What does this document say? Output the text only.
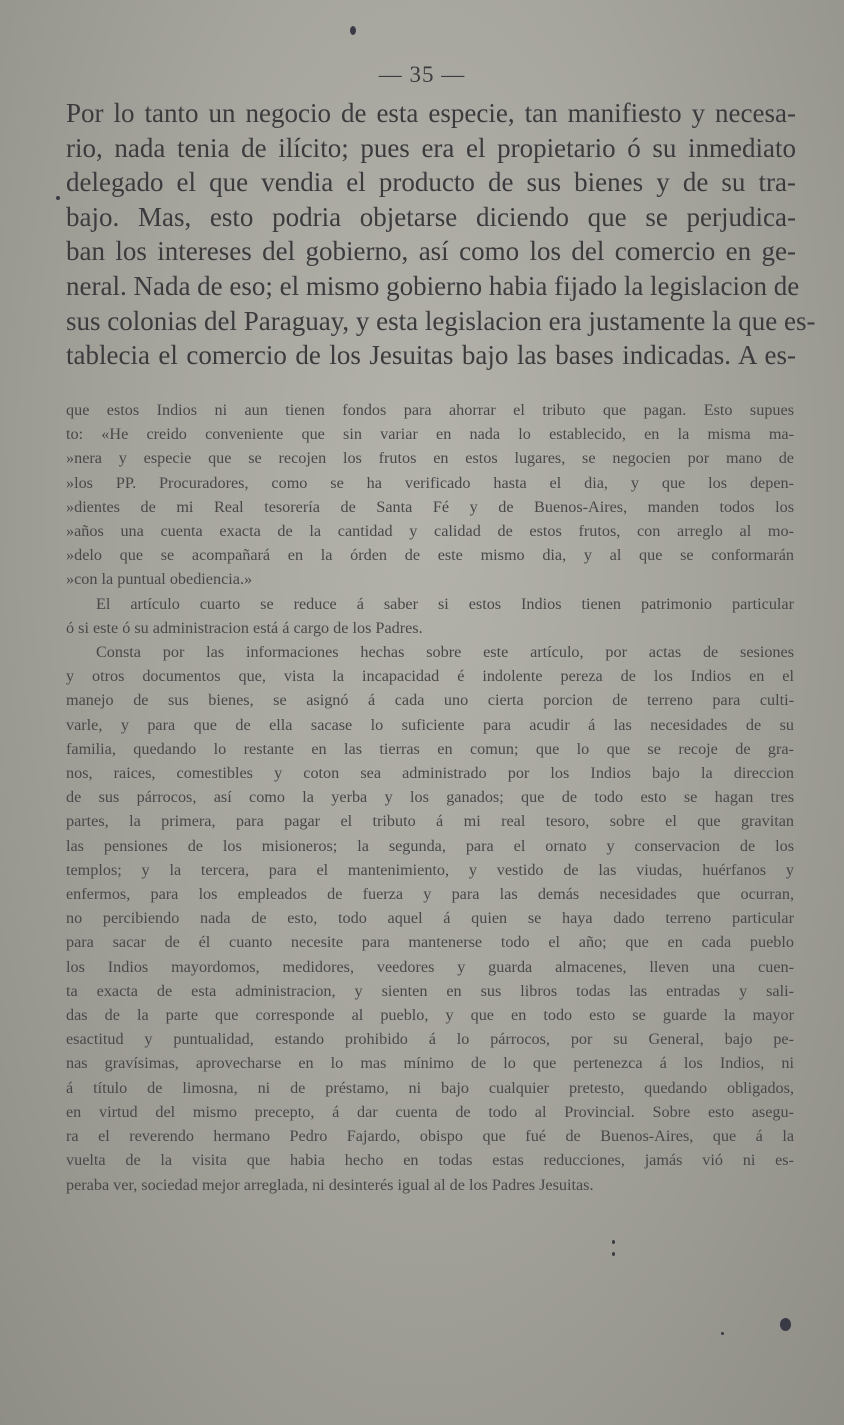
— 35 —
Por lo tanto un negocio de esta especie, tan manifiesto y necesa-
rio, nada tenia de ilícito; pues era el propietario ó su inmediato
delegado el que vendia el producto de sus bienes y de su tra-
bajo. Mas, esto podria objetarse diciendo que se perjudica-
ban los intereses del gobierno, así como los del comercio en ge-
neral. Nada de eso; el mismo gobierno habia fijado la legislacion de
sus colonias del Paraguay, y esta legislacion era justamente la que es-
tablecia el comercio de los Jesuitas bajo las bases indicadas. A es-
que estos Indios ni aun tienen fondos para ahorrar el tributo que pagan. Esto supues
to: «He creido conveniente que sin variar en nada lo establecido, en la misma ma-
»nera y especie que se recojen los frutos en estos lugares, se negocien por mano de
»los PP. Procuradores, como se ha verificado hasta el dia, y que los depen-
»dientes de mi Real tesorería de Santa Fé y de Buenos-Aires, manden todos los
»años una cuenta exacta de la cantidad y calidad de estos frutos, con arreglo al mo-
»delo que se acompañará en la órden de este mismo dia, y al que se conformarán
»con la puntual obediencia.»
El artículo cuarto se reduce á saber si estos Indios tienen patrimonio particular
ó si este ó su administracion está á cargo de los Padres.
Consta por las informaciones hechas sobre este artículo, por actas de sesiones
y otros documentos que, vista la incapacidad é indolente pereza de los Indios en el
manejo de sus bienes, se asignó á cada uno cierta porcion de terreno para culti-
varle, y para que de ella sacase lo suficiente para acudir á las necesidades de su
familia, quedando lo restante en las tierras en comun; que lo que se recoje de gra-
nos, raices, comestibles y coton sea administrado por los Indios bajo la direccion
de sus párrocos, así como la yerba y los ganados; que de todo esto se hagan tres
partes, la primera, para pagar el tributo á mi real tesoro, sobre el que gravitan
las pensiones de los misioneros; la segunda, para el ornato y conservacion de los
templos; y la tercera, para el mantenimiento, y vestido de las viudas, huérfanos y
enfermos, para los empleados de fuerza y para las demás necesidades que ocurran,
no percibiendo nada de esto, todo aquel á quien se haya dado terreno particular
para sacar de él cuanto necesite para mantenerse todo el año; que en cada pueblo
los Indios mayordomos, medidores, veedores y guarda almacenes, lleven una cuen-
ta exacta de esta administracion, y sienten en sus libros todas las entradas y sali-
das de la parte que corresponde al pueblo, y que en todo esto se guarde la mayor
esactitud y puntualidad, estando prohibido á lo párrocos, por su General, bajo pe-
nas gravísimas, aprovecharse en lo mas mínimo de lo que pertenezca á los Indios, ni
á título de limosna, ni de préstamo, ni bajo cualquier pretesto, quedando obligados,
en virtud del mismo precepto, á dar cuenta de todo al Provincial. Sobre esto asegu-
ra el reverendo hermano Pedro Fajardo, obispo que fué de Buenos-Aires, que á la
vuelta de la visita que habia hecho en todas estas reducciones, jamás vió ni es-
peraba ver, sociedad mejor arreglada, ni desinterés igual al de los Padres Jesuitas.
